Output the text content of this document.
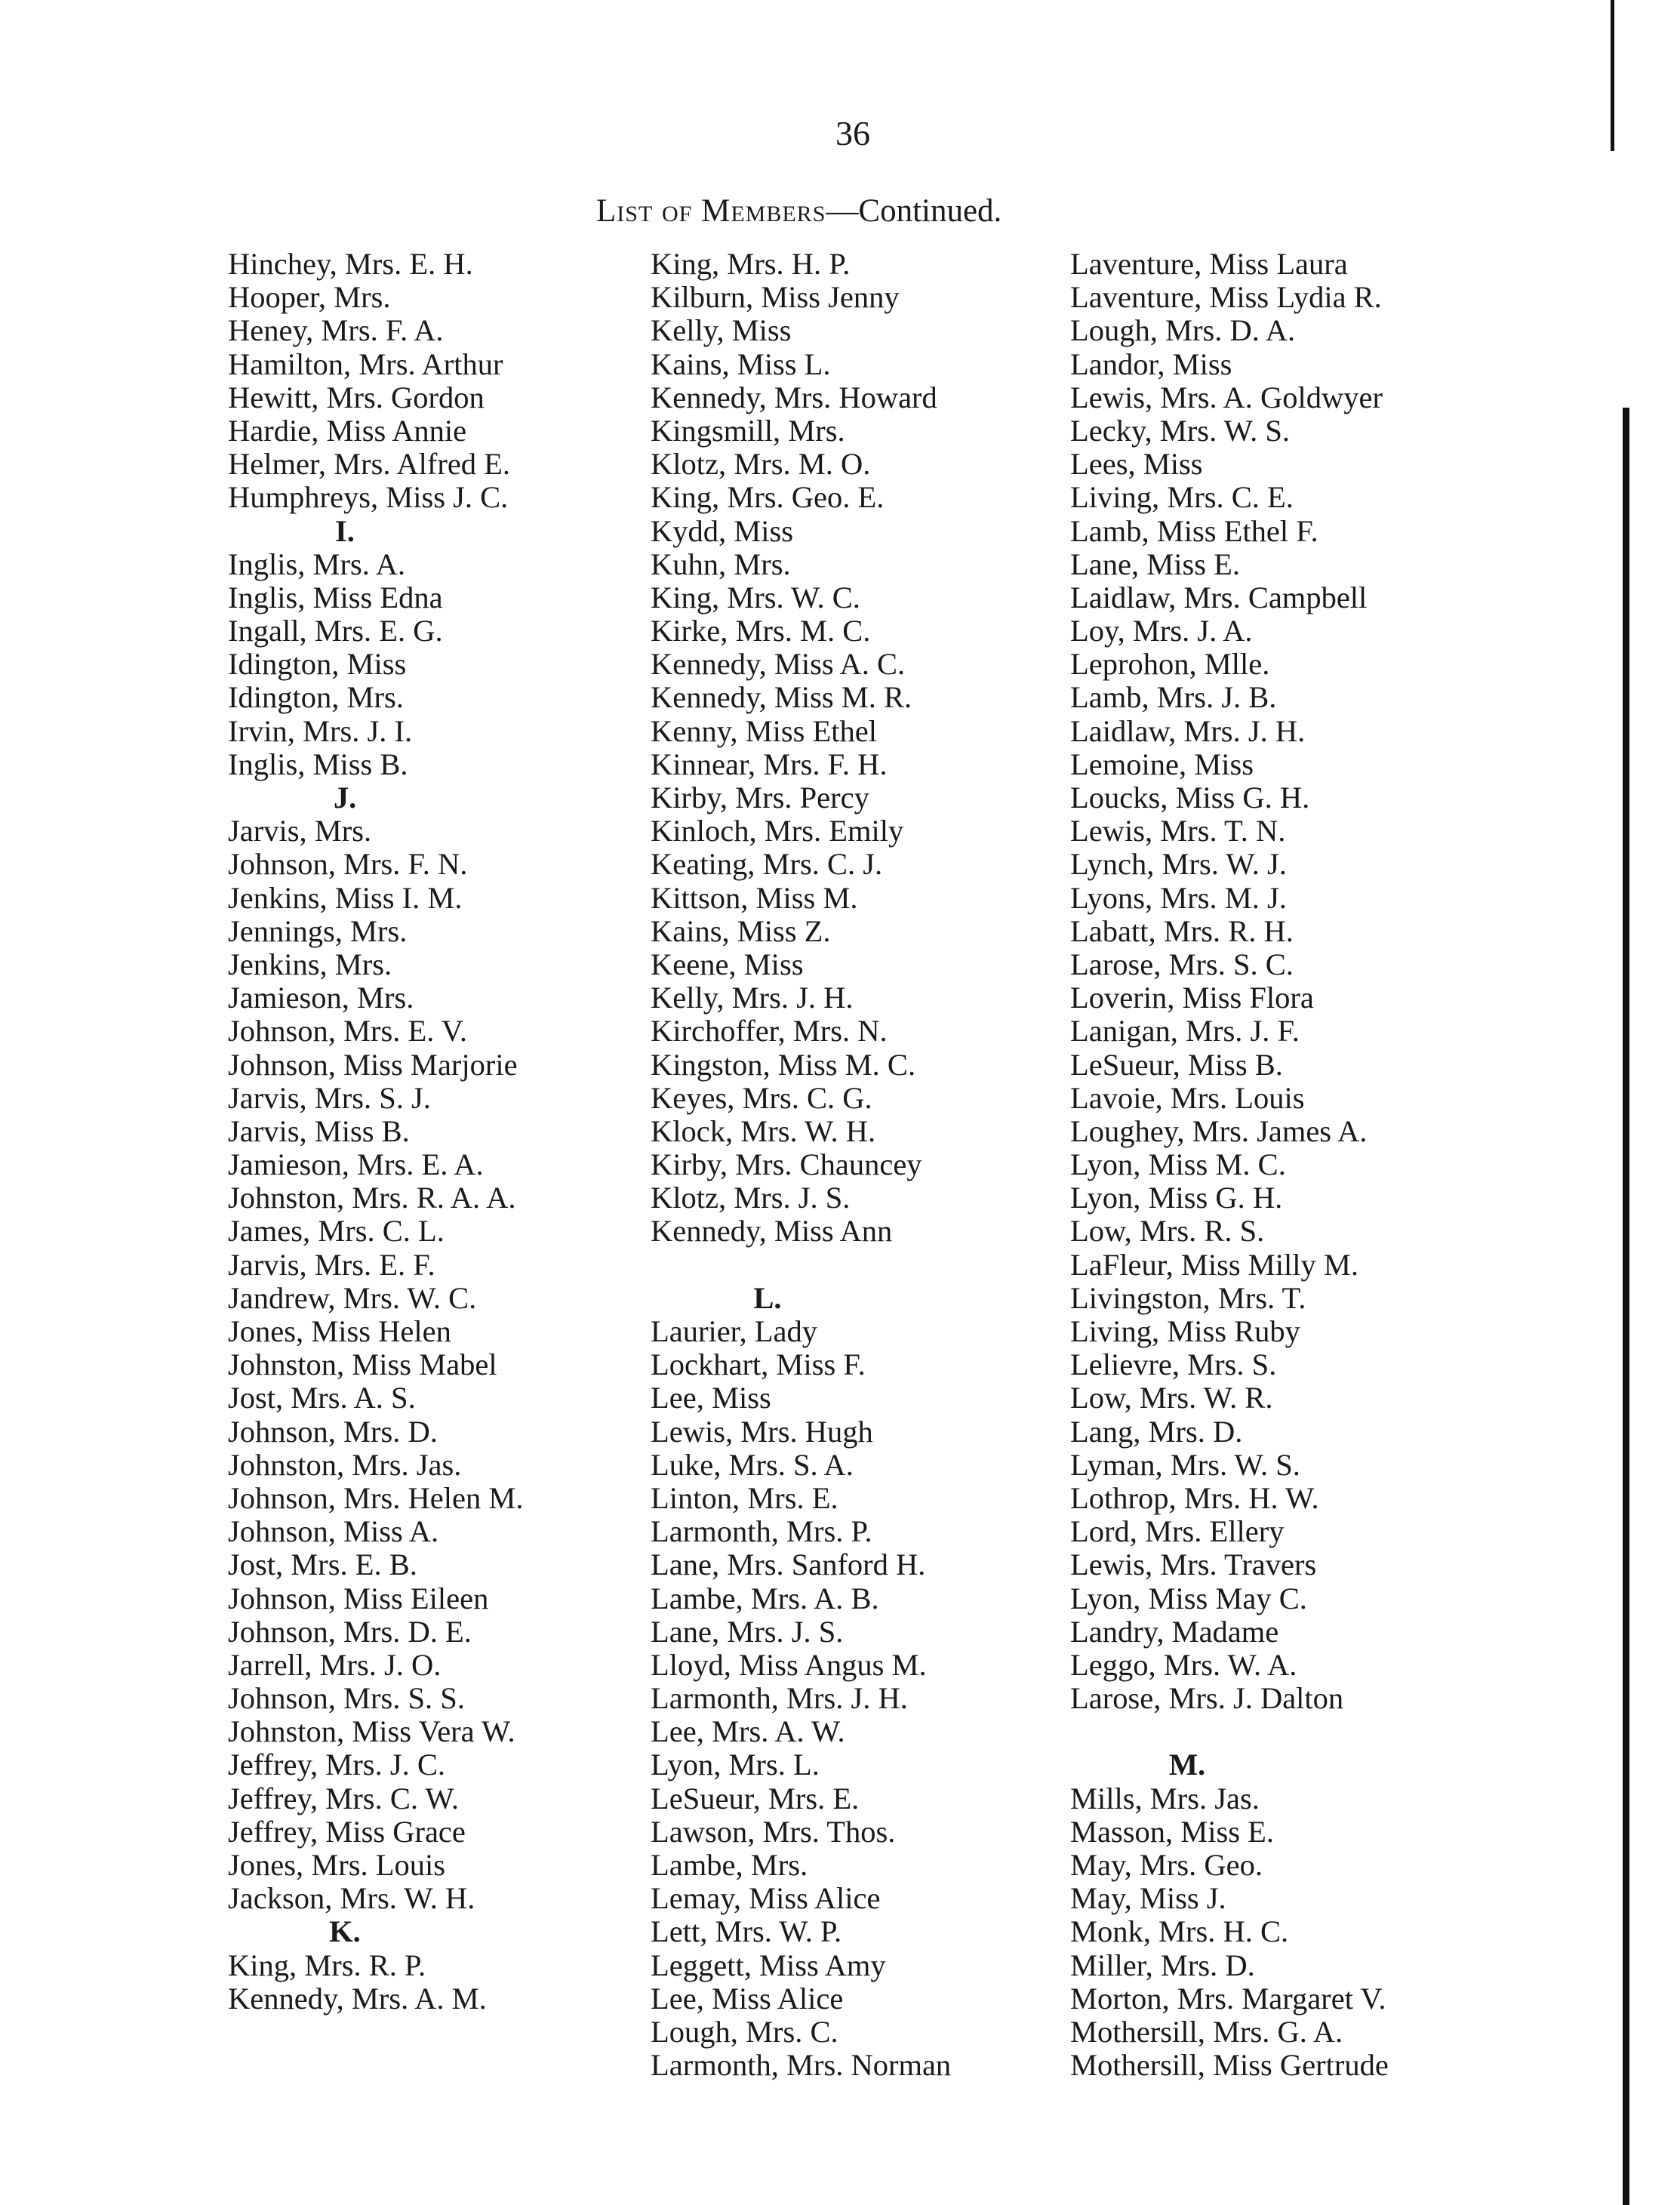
36
List of Members—Continued.
Hinchey, Mrs. E. H.
Hooper, Mrs.
Heney, Mrs. F. A.
Hamilton, Mrs. Arthur
Hewitt, Mrs. Gordon
Hardie, Miss Annie
Helmer, Mrs. Alfred E.
Humphreys, Miss J. C.
I.
Inglis, Mrs. A.
Inglis, Miss Edna
Ingall, Mrs. E. G.
Idington, Miss
Idington, Mrs.
Irvin, Mrs. J. I.
Inglis, Miss B.
J.
Jarvis, Mrs.
Johnson, Mrs. F. N.
Jenkins, Miss I. M.
Jennings, Mrs.
Jenkins, Mrs.
Jamieson, Mrs.
Johnson, Mrs. E. V.
Johnson, Miss Marjorie
Jarvis, Mrs. S. J.
Jarvis, Miss B.
Jamieson, Mrs. E. A.
Johnston, Mrs. R. A. A.
James, Mrs. C. L.
Jarvis, Mrs. E. F.
Jandrew, Mrs. W. C.
Jones, Miss Helen
Johnston, Miss Mabel
Jost, Mrs. A. S.
Johnson, Mrs. D.
Johnston, Mrs. Jas.
Johnson, Mrs. Helen M.
Johnson, Miss A.
Jost, Mrs. E. B.
Johnson, Miss Eileen
Johnson, Mrs. D. E.
Jarrell, Mrs. J. O.
Johnson, Mrs. S. S.
Johnston, Miss Vera W.
Jeffrey, Mrs. J. C.
Jeffrey, Mrs. C. W.
Jeffrey, Miss Grace
Jones, Mrs. Louis
Jackson, Mrs. W. H.
K.
King, Mrs. R. P.
Kennedy, Mrs. A. M.
King, Mrs. H. P.
Kilburn, Miss Jenny
Kelly, Miss
Kains, Miss L.
Kennedy, Mrs. Howard
Kingsmill, Mrs.
Klotz, Mrs. M. O.
King, Mrs. Geo. E.
Kydd, Miss
Kuhn, Mrs.
King, Mrs. W. C.
Kirke, Mrs. M. C.
Kennedy, Miss A. C.
Kennedy, Miss M. R.
Kenny, Miss Ethel
Kinnear, Mrs. F. H.
Kirby, Mrs. Percy
Kinloch, Mrs. Emily
Keating, Mrs. C. J.
Kittson, Miss M.
Kains, Miss Z.
Keene, Miss
Kelly, Mrs. J. H.
Kirchoffer, Mrs. N.
Kingston, Miss M. C.
Keyes, Mrs. C. G.
Klock, Mrs. W. H.
Kirby, Mrs. Chauncey
Klotz, Mrs. J. S.
Kennedy, Miss Ann
L.
Laurier, Lady
Lockhart, Miss F.
Lee, Miss
Lewis, Mrs. Hugh
Luke, Mrs. S. A.
Linton, Mrs. E.
Larmonth, Mrs. P.
Lane, Mrs. Sanford H.
Lambe, Mrs. A. B.
Lane, Mrs. J. S.
Lloyd, Miss Angus M.
Larmonth, Mrs. J. H.
Lee, Mrs. A. W.
Lyon, Mrs. L.
LeSueur, Mrs. E.
Lawson, Mrs. Thos.
Lambe, Mrs.
Lemay, Miss Alice
Lett, Mrs. W. P.
Leggett, Miss Amy
Lee, Miss Alice
Lough, Mrs. C.
Larmonth, Mrs. Norman
Laventure, Miss Laura
Laventure, Miss Lydia R.
Lough, Mrs. D. A.
Landor, Miss
Lewis, Mrs. A. Goldwyer
Lecky, Mrs. W. S.
Lees, Miss
Living, Mrs. C. E.
Lamb, Miss Ethel F.
Lane, Miss E.
Laidlaw, Mrs. Campbell
Loy, Mrs. J. A.
Leprohon, Mlle.
Lamb, Mrs. J. B.
Laidlaw, Mrs. J. H.
Lemoine, Miss
Loucks, Miss G. H.
Lewis, Mrs. T. N.
Lynch, Mrs. W. J.
Lyons, Mrs. M. J.
Labatt, Mrs. R. H.
Larose, Mrs. S. C.
Loverin, Miss Flora
Lanigan, Mrs. J. F.
LeSueur, Miss B.
Lavoie, Mrs. Louis
Loughey, Mrs. James A.
Lyon, Miss M. C.
Lyon, Miss G. H.
Low, Mrs. R. S.
LaFleur, Miss Milly M.
Livingston, Mrs. T.
Living, Miss Ruby
Lelievre, Mrs. S.
Low, Mrs. W. R.
Lang, Mrs. D.
Lyman, Mrs. W. S.
Lothrop, Mrs. H. W.
Lord, Mrs. Ellery
Lewis, Mrs. Travers
Lyon, Miss May C.
Landry, Madame
Leggo, Mrs. W. A.
Larose, Mrs. J. Dalton
M.
Mills, Mrs. Jas.
Masson, Miss E.
May, Mrs. Geo.
May, Miss J.
Monk, Mrs. H. C.
Miller, Mrs. D.
Morton, Mrs. Margaret V.
Mothersill, Mrs. G. A.
Mothersill, Miss Gertrude
